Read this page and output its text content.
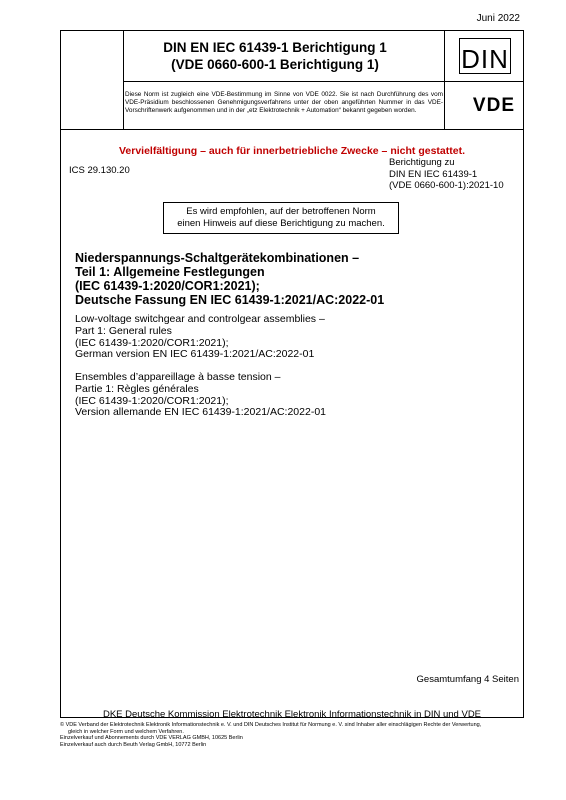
Juni 2022
DIN EN IEC 61439-1 Berichtigung 1
(VDE 0660-600-1 Berichtigung 1)	DIN
Diese Norm ist zugleich eine VDE-Bestimmung im Sinne von VDE 0022. Sie ist nach Durchführung des vom VDE-Präsidium beschlossenen Genehmigungsverfahrens unter der oben angeführten Nummer in das VDE-Vorschriftenwerk aufgenommen und in der „etz Elektrotechnik + Automation“ bekannt gegeben worden.	VDE
Vervielfältigung – auch für innerbetriebliche Zwecke – nicht gestattet.
ICS 29.130.20
Berichtigung zu
DIN EN IEC 61439-1
(VDE 0660-600-1):2021-10
Es wird empfohlen, auf der betroffenen Norm
einen Hinweis auf diese Berichtigung zu machen.
Niederspannungs-Schaltgerätekombinationen –
Teil 1: Allgemeine Festlegungen
(IEC 61439-1:2020/COR1:2021);
Deutsche Fassung EN IEC 61439-1:2021/AC:2022-01
Low-voltage switchgear and controlgear assemblies –
Part 1: General rules
(IEC 61439-1:2020/COR1:2021);
German version EN IEC 61439-1:2021/AC:2022-01
Ensembles d’appareillage à basse tension –
Partie 1: Règles générales
(IEC 61439-1:2020/COR1:2021);
Version allemande EN IEC 61439-1:2021/AC:2022-01
Gesamtumfang 4 Seiten
DKE Deutsche Kommission Elektrotechnik Elektronik Informationstechnik in DIN und VDE
© VDE Verband der Elektrotechnik Elektronik Informationstechnik e. V. und DIN Deutsches Institut für Normung e. V. sind Inhaber aller einschlägigen Rechte der Verwertung,
gleich in welcher Form und welchem Verfahren.
Einzelverkauf und Abonnements durch VDE VERLAG GMBH, 10625 Berlin
Einzelverkauf auch durch Beuth Verlag GmbH, 10772 Berlin
